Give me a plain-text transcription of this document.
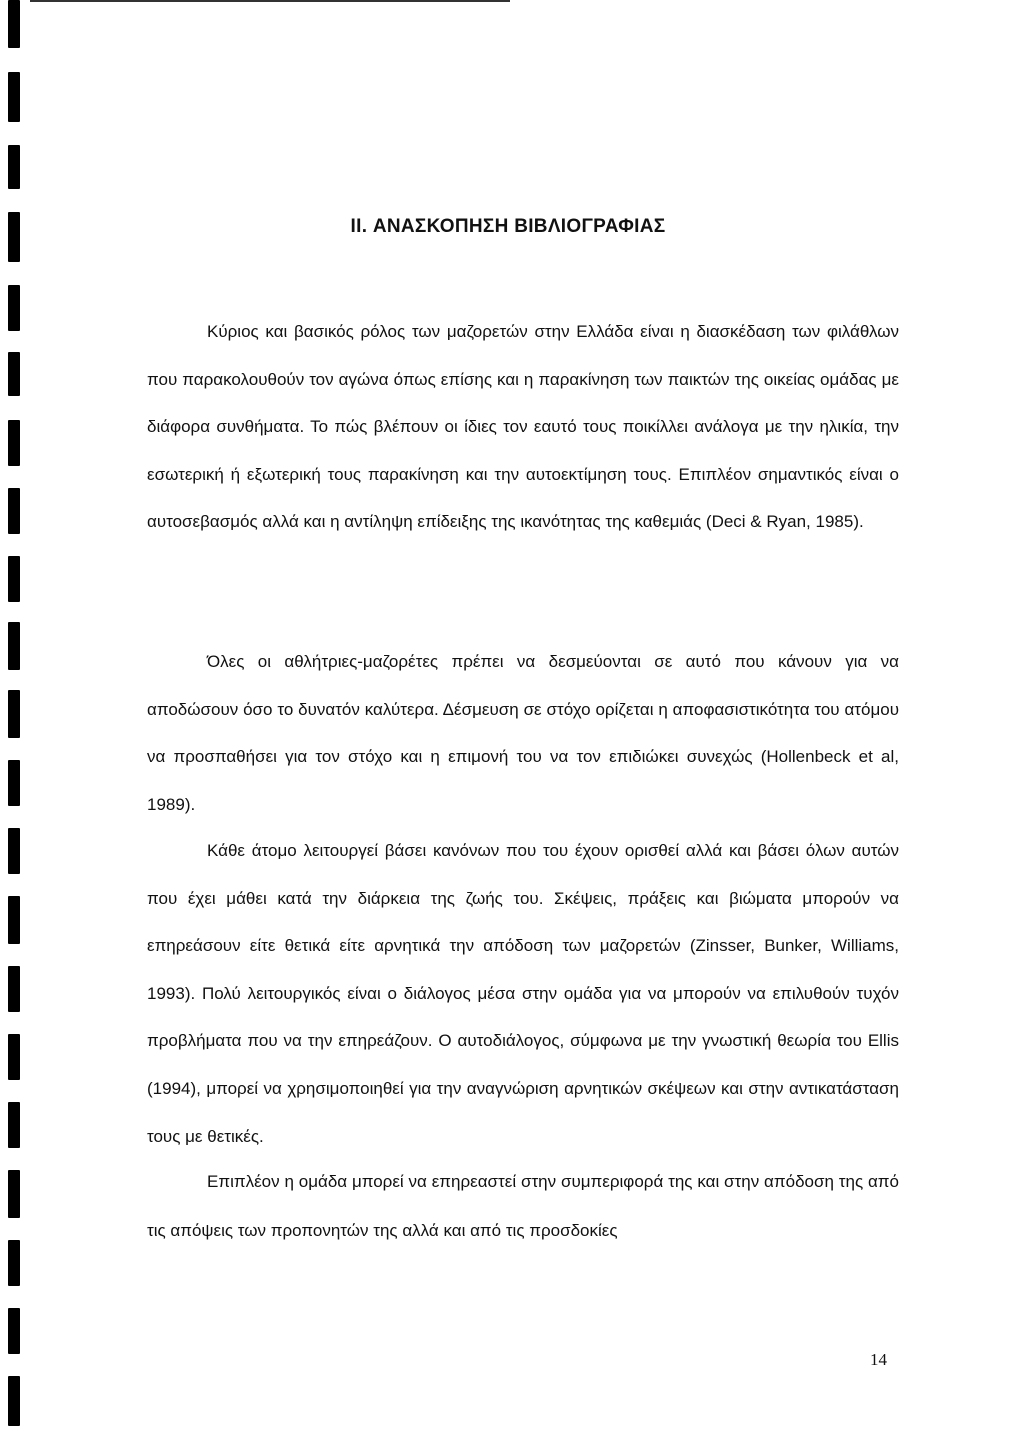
II. ΑΝΑΣΚΟΠΗΣΗ ΒΙΒΛΙΟΓΡΑΦΙΑΣ

Κύριος και βασικός ρόλος των μαζορετών στην Ελλάδα είναι η διασκέδαση των φιλάθλων που παρακολουθούν τον αγώνα όπως επίσης και η παρακίνηση των παικτών της οικείας ομάδας με διάφορα συνθήματα. Το πώς βλέπουν οι ίδιες τον εαυτό τους ποικίλλει ανάλογα με την ηλικία, την εσωτερική ή εξωτερική τους παρακίνηση και την αυτοεκτίμηση τους. Επιπλέον σημαντικός είναι ο αυτοσεβασμός αλλά και η αντίληψη επίδειξης της ικανότητας της καθεμιάς (Deci & Ryan, 1985).

Όλες οι αθλήτριες-μαζορέτες πρέπει να δεσμεύονται σε αυτό που κάνουν για να αποδώσουν όσο το δυνατόν καλύτερα. Δέσμευση σε στόχο ορίζεται η αποφασιστικότητα του ατόμου να προσπαθήσει για τον στόχο και η επιμονή του να τον επιδιώκει συνεχώς (Hollenbeck et al, 1989).

Κάθε άτομο λειτουργεί βάσει κανόνων που του έχουν ορισθεί αλλά και βάσει όλων αυτών που έχει μάθει κατά την διάρκεια της ζωής του. Σκέψεις, πράξεις και βιώματα μπορούν να επηρεάσουν είτε θετικά είτε αρνητικά την απόδοση των μαζορετών (Zinsser, Bunker, Williams, 1993). Πολύ λειτουργικός είναι ο διάλογος μέσα στην ομάδα για να μπορούν να επιλυθούν τυχόν προβλήματα που να την επηρεάζουν. Ο αυτοδιάλογος, σύμφωνα με την γνωστική θεωρία του Ellis (1994), μπορεί να χρησιμοποιηθεί για την αναγνώριση αρνητικών σκέψεων και στην αντικατάσταση τους με θετικές.

Επιπλέον η ομάδα μπορεί να επηρεαστεί στην συμπεριφορά της και στην απόδοση της από τις απόψεις των προπονητών της αλλά και από τις προσδοκίες

14
